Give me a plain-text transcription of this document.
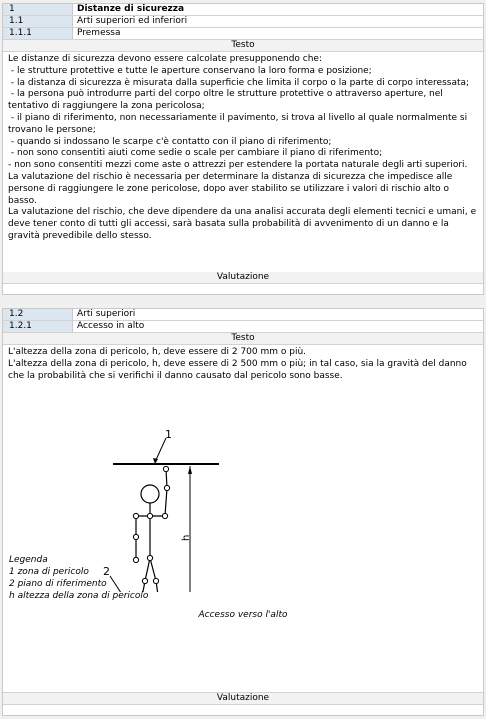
1	Distanze di sicurezza
1.1	Arti superiori ed inferiori
1.1.1	Premessa
Testo

Le distanze di sicurezza devono essere calcolate presupponendo che:

- le strutture protettive e tutte le aperture conservano la loro forma e posizione;

- la distanza di sicurezza è misurata dalla superficie che limita il corpo o la parte di corpo interessata;

- la persona può introdurre parti del corpo oltre le strutture protettive o attraverso aperture, nel tentativo di raggiungere la zona pericolosa;

- il piano di riferimento, non necessariamente il pavimento, si trova al livello al quale normalmente si trovano le persone;

- quando si indossano le scarpe c'è contatto con il piano di riferimento;

- non sono consentiti aiuti come sedie o scale per cambiare il piano di riferimento;

- non sono consentiti mezzi come aste o attrezzi per estendere la portata naturale degli arti superiori.

La valutazione del rischio è necessaria per determinare la distanza di sicurezza che impedisce alle persone di raggiungere le zone pericolose, dopo aver stabilito se utilizzare i valori di rischio alto o basso.

La valutazione del rischio, che deve dipendere da una analisi accurata degli elementi tecnici e umani, e deve tener conto di tutti gli accessi, sarà basata sulla probabilità di avvenimento di un danno e la gravità prevedibile dello stesso.

Valutazione
1.2	Arti superiori
1.2.1	Accesso in alto
Testo

L'altezza della zona di pericolo, h, deve essere di 2 700 mm o più.

L'altezza della zona di pericolo, h, deve essere di 2 500 mm o più; in tal caso, sia la gravità del danno che la probabilità che si verifichi il danno causato dal pericolo sono basse.

1
2
h
Legenda
1 zona di pericolo
2 piano di riferimento
h altezza della zona di pericolo
Accesso verso l'alto
Valutazione
